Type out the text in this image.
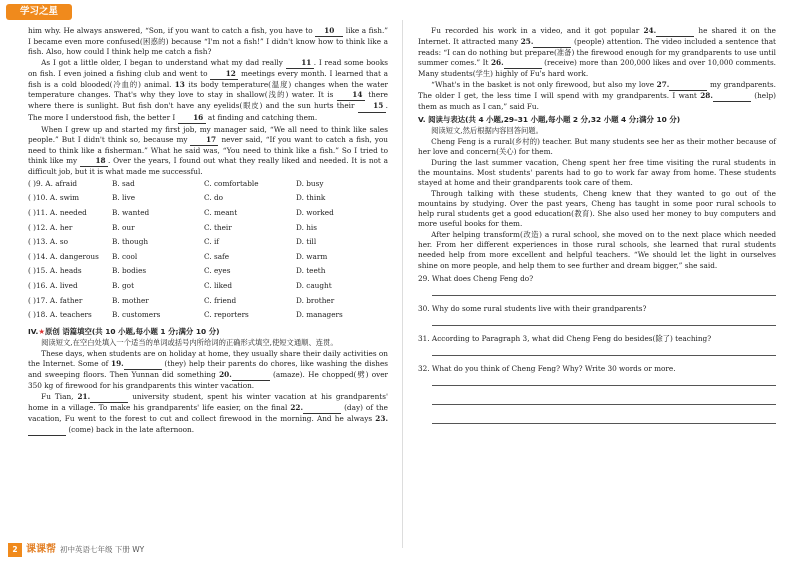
学习之星

him why. He always answered, “Son, if you want to catch a fish, you have to 10 like a fish.” I became even more confused(困惑的) because “I'm not a fish!” I didn't know how to think like a fish. Also, how could I think help me catch a fish?

As I got a little older, I began to understand what my dad really 11 . I read some books on fish. I even joined a fishing club and went to 12 meetings every month. I learned that a fish is a cold blooded(冷血的) animal. 13 its body temperature(温度) changes when the water temperature changes. That's why they love to stay in shallow(浅的) water. It is 14 there where there is sunlight. But fish don't have any eyelids(眼皮) and the sun hurts their 15 . The more I understood fish, the better I 16 at finding and catching them.

When I grew up and started my first job, my manager said, “We all need to think like sales people.” But I didn't think so, because my 17 never said, “If you want to catch a fish, you need to think like a fisherman.” What he said was, “You need to think like a fish.” So I tried to think like my 18 . Over the years, I found out what they really liked and needed. It is not a difficult job, but it is what made me successful.

( )9. A. afraid	B. sad	C. comfortable	D. busy
( )10. A. swim	B. live	C. do	D. think
( )11. A. needed	B. wanted	C. meant	D. worked
( )12. A. her	B. our	C. their	D. his
( )13. A. so	B. though	C. if	D. till
( )14. A. dangerous	B. cool	C. safe	D. warm
( )15. A. heads	B. bodies	C. eyes	D. teeth
( )16. A. lived	B. got	C. liked	D. caught
( )17. A. father	B. mother	C. friend	D. brother
( )18. A. teachers	B. customers	C. reporters	D. managers
IV.★原创 语篇填空(共 10 小题,每小题 1 分;满分 10 分)

阅读短文,在空白处填入一个适当的单词或括号内所给词的正确形式填空,使短文通顺、连贯。

These days, when students are on holiday at home, they usually share their daily activities on the Internet. Some of 19.	(they) help their parents do chores, like washing the dishes and sweeping floors. Then Yunnan did something 20.	(amaze). He chopped(劈) over 350 kg of firewood for his grandparents this winter vacation.

Fu Tian, 21.	university student, spent his winter vacation at his grandparents' home in a village. To make his grandparents' life easier, on the final 22.	(day) of the vacation, Fu went to the forest to cut and collect firewood in the morning. And he always 23.  (come) back in the late afternoon.

Fu recorded his work in a video, and it got popular 24.	he shared it on the Internet. It attracted many 25.	(people) attention. The video included a sentence that reads: “I can do nothing but prepare(准备) the firewood enough for my grandparents to use until summer comes.” It 26.	(receive) more than 200,000 likes and over 10,000 comments. Many students(学生) highly of Fu's hard work.

“What's in the basket is not only firewood, but also my love 27.	my grandparents. The older I get, the less time I will spend with my grandparents. I want 28.	(help) them as much as I can,” said Fu.

V. 阅读与表达(共 4 小题,29–31 小题,每小题 2 分,32 小题 4 分;满分 10 分)

阅读短文,然后根据内容回答问题。

Cheng Feng is a rural(乡村的) teacher. But many students see her as their mother because of her love and concern(关心) for them.

During the last summer vacation, Cheng spent her free time visiting the rural students in the mountains. Most students' parents had to go to work far away from home. These students stayed at home and their grandparents took care of them.

Through talking with these students, Cheng knew that they wanted to go out of the mountains by studying. Over the past years, Cheng has taught in some poor rural schools to help rural students get a good education(教育). She also used her money to buy computers and more useful books for them.

After helping transform(改造) a rural school, she moved on to the next place which needed her. From her different experiences in those rural schools, she learned that rural students needed help from more excellent and helpful teachers. “We should let the light in ourselves shine on more people, and help them to see further and dream bigger,” she said.

29. What does Cheng Feng do?
30. Why do some rural students live with their grandparents?
31. According to Paragraph 3, what did Cheng Feng do besides(除了) teaching?
32. What do you think of Cheng Feng? Why? Write 30 words or more.
2 课课帮 初中英语七年级 下册 WY
